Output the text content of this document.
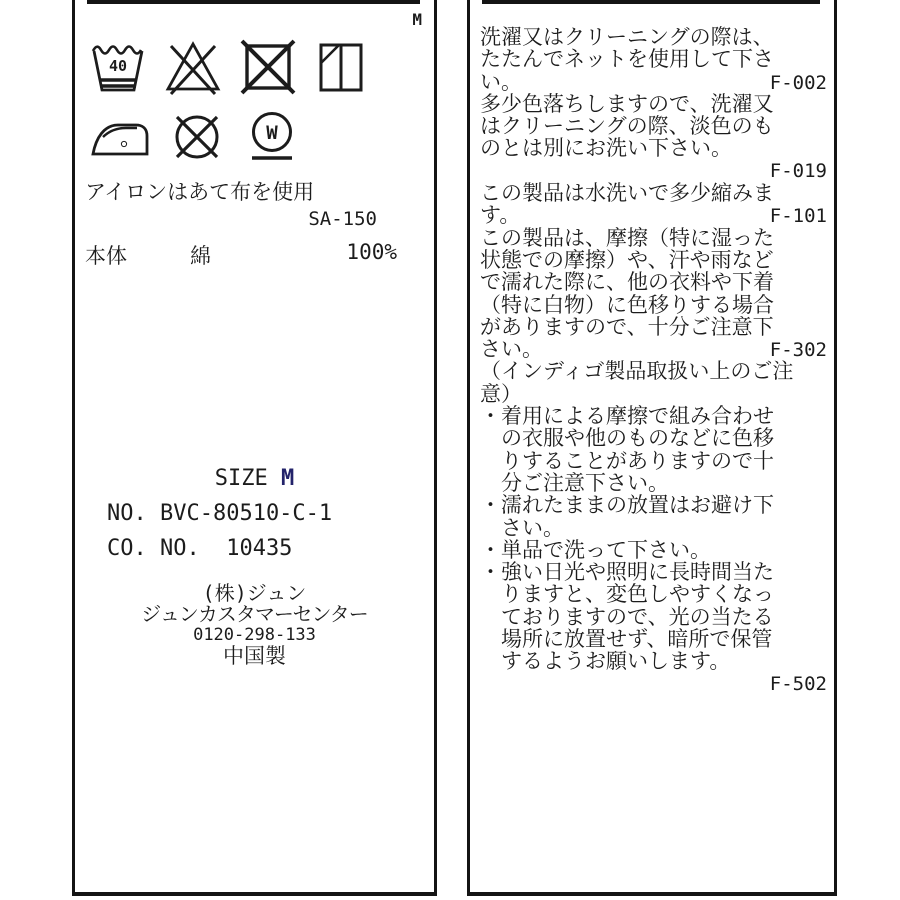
M
40
W
アイロンはあて布を使用
SA-150
本体	綿	100%
SIZE M
NO. BVC-80510-C-1
CO. NO.  10435
(株)ジュン
ジュンカスタマーセンター
0120-298-133
中国製
洗濯又はクリーニングの際は、
たたんでネットを使用して下さ
い。	F-002
多少色落ちしますので、洗濯又
はクリーニングの際、淡色のも
のとは別にお洗い下さい。
F-019
この製品は水洗いで多少縮みま
す。	F-101
この製品は、摩擦（特に湿った
状態での摩擦）や、汗や雨など
で濡れた際に、他の衣料や下着
（特に白物）に色移りする場合
がありますので、十分ご注意下
さい。	F-302
（インディゴ製品取扱い上のご注
意）
・着用による摩擦で組み合わせ
　の衣服や他のものなどに色移
　りすることがありますので十
　分ご注意下さい。
・濡れたままの放置はお避け下
　さい。
・単品で洗って下さい。
・強い日光や照明に長時間当た
　りますと、変色しやすくなっ
　ておりますので、光の当たる
　場所に放置せず、暗所で保管
　するようお願いします。
F-502
